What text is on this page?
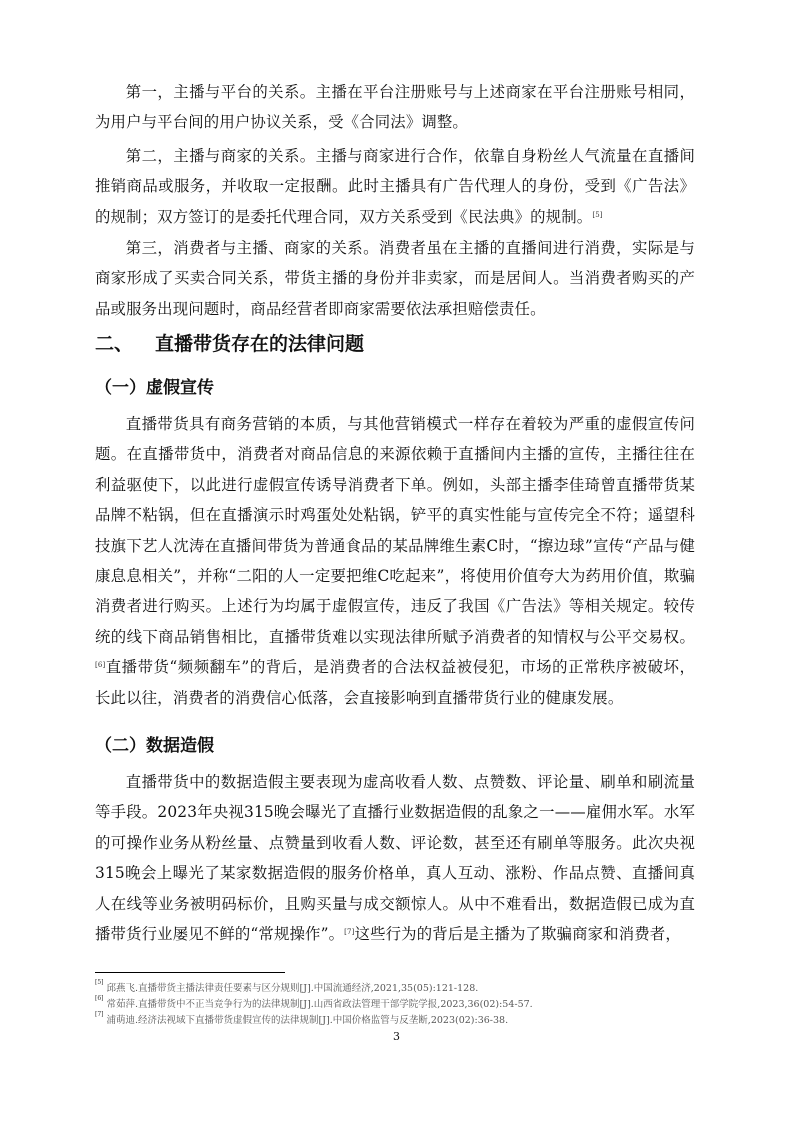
第一，主播与平台的关系。主播在平台注册账号与上述商家在平台注册账号相同，为用户与平台间的用户协议关系，受《合同法》调整。

第二，主播与商家的关系。主播与商家进行合作，依靠自身粉丝人气流量在直播间推销商品或服务，并收取一定报酬。此时主播具有广告代理人的身份，受到《广告法》的规制；双方签订的是委托代理合同，双方关系受到《民法典》的规制。[5]

第三，消费者与主播、商家的关系。消费者虽在主播的直播间进行消费，实际是与商家形成了买卖合同关系，带货主播的身份并非卖家，而是居间人。当消费者购买的产品或服务出现问题时，商品经营者即商家需要依法承担赔偿责任。

二、 直播带货存在的法律问题
（一）虚假宣传

直播带货具有商务营销的本质，与其他营销模式一样存在着较为严重的虚假宣传问题。在直播带货中，消费者对商品信息的来源依赖于直播间内主播的宣传，主播往往在利益驱使下，以此进行虚假宣传诱导消费者下单。例如，头部主播李佳琦曾直播带货某品牌不粘锅，但在直播演示时鸡蛋处处粘锅，铲平的真实性能与宣传完全不符；遥望科技旗下艺人沈涛在直播间带货为普通食品的某品牌维生素C时，“擦边球”宣传“产品与健康息息相关”，并称“二阳的人一定要把维C吃起来”，将使用价值夸大为药用价值，欺骗消费者进行购买。上述行为均属于虚假宣传，违反了我国《广告法》等相关规定。较传统的线下商品销售相比，直播带货难以实现法律所赋予消费者的知情权与公平交易权。[6]直播带货“频频翻车”的背后，是消费者的合法权益被侵犯，市场的正常秩序被破坏，长此以往，消费者的消费信心低落，会直接影响到直播带货行业的健康发展。

（二）数据造假

直播带货中的数据造假主要表现为虚高收看人数、点赞数、评论量、刷单和刷流量等手段。2023年央视315晚会曝光了直播行业数据造假的乱象之一——雇佣水军。水军的可操作业务从粉丝量、点赞量到收看人数、评论数，甚至还有刷单等服务。此次央视315晚会上曝光了某家数据造假的服务价格单，真人互动、涨粉、作品点赞、直播间真人在线等业务被明码标价，且购买量与成交额惊人。从中不难看出，数据造假已成为直播带货行业屡见不鲜的“常规操作”。[7]这些行为的背后是主播为了欺骗商家和消费者，

[5] 邱燕飞.直播带货主播法律责任要素与区分规则[J].中国流通经济,2021,35(05):121-128.

[6] 常茹萍.直播带货中不正当竞争行为的法律规制[J].山西省政法管理干部学院学报,2023,36(02):54-57.

[7] 浦萌迪.经济法视域下直播带货虚假宣传的法律规制[J].中国价格监管与反垄断,2023(02):36-38.

3
